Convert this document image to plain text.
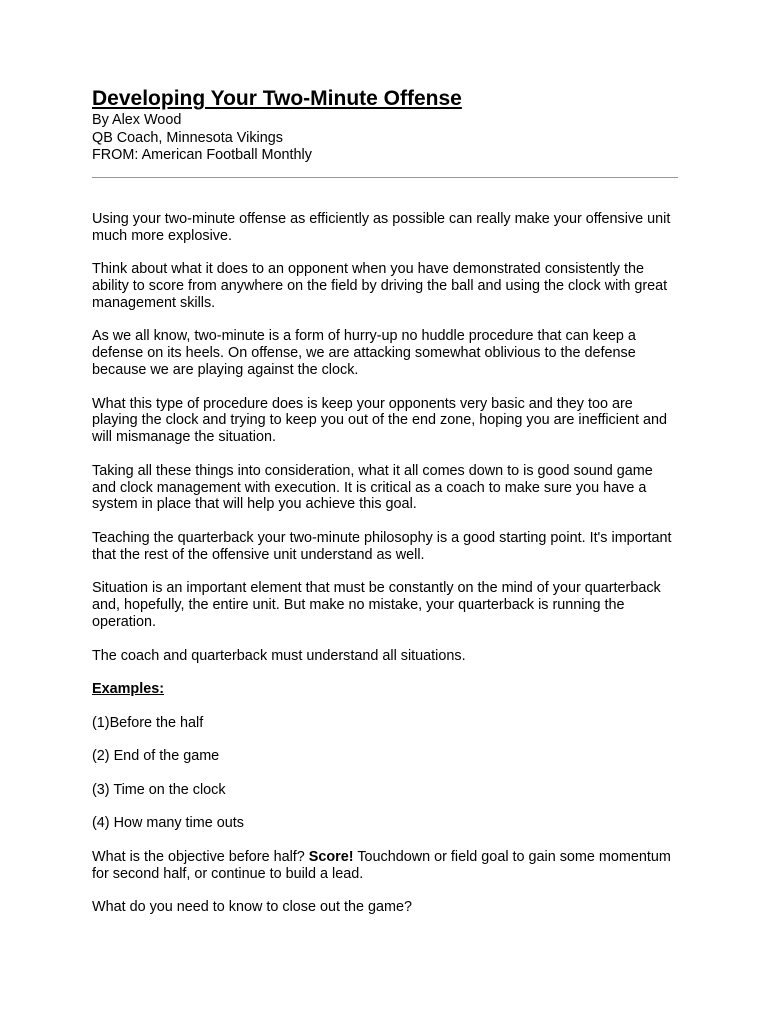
Developing Your Two-Minute Offense

By Alex Wood

QB Coach, Minnesota Vikings

FROM: American Football Monthly

Using your two-minute offense as efficiently as possible can really make your offensive unit much more explosive.

Think about what it does to an opponent when you have demonstrated consistently the ability to score from anywhere on the field by driving the ball and using the clock with great management skills.

As we all know, two-minute is a form of hurry-up no huddle procedure that can keep a defense on its heels. On offense, we are attacking somewhat oblivious to the defense because we are playing against the clock.

What this type of procedure does is keep your opponents very basic and they too are playing the clock and trying to keep you out of the end zone, hoping you are inefficient and will mismanage the situation.

Taking all these things into consideration, what it all comes down to is good sound game and clock management with execution. It is critical as a coach to make sure you have a system in place that will help you achieve this goal.

Teaching the quarterback your two-minute philosophy is a good starting point. It's important that the rest of the offensive unit understand as well.

Situation is an important element that must be constantly on the mind of your quarterback and, hopefully, the entire unit. But make no mistake, your quarterback is running the operation.

The coach and quarterback must understand all situations.

Examples:

(1)Before the half

(2) End of the game

(3) Time on the clock

(4) How many time outs

What is the objective before half? Score! Touchdown or field goal to gain some momentum for second half, or continue to build a lead.

What do you need to know to close out the game?
